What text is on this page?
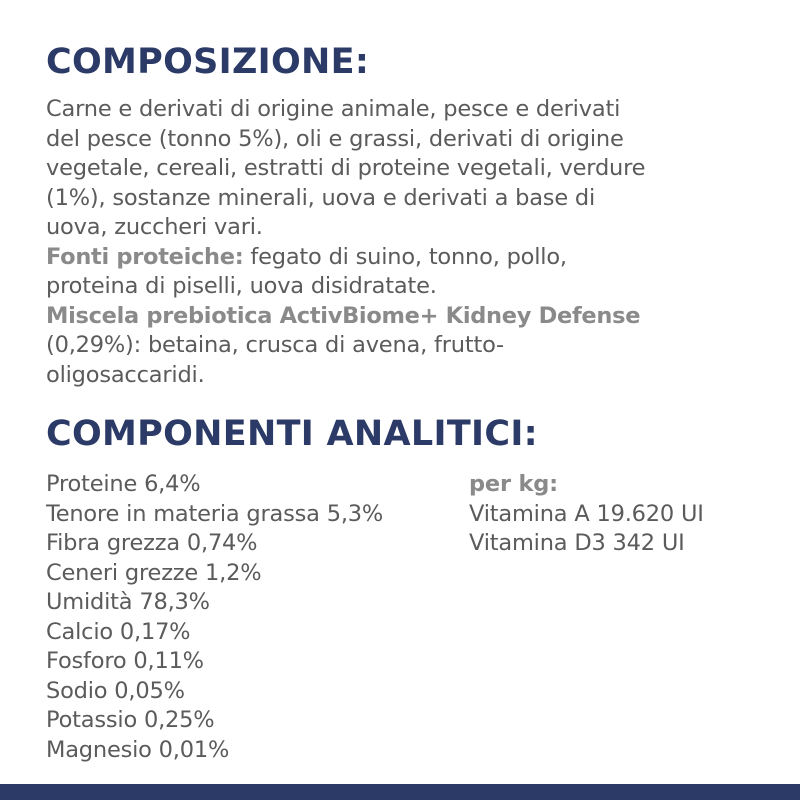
COMPOSIZIONE:
Carne e derivati di origine animale, pesce e derivati
del pesce (tonno 5%), oli e grassi, derivati di origine
vegetale, cereali, estratti di proteine vegetali, verdure
(1%), sostanze minerali, uova e derivati a base di
uova, zuccheri vari.
Fonti proteiche: fegato di suino, tonno, pollo,
proteina di piselli, uova disidratate.
Miscela prebiotica ActivBiome+ Kidney Defense
(0,29%): betaina, crusca di avena, frutto-
oligosaccaridi.
COMPONENTI ANALITICI:
Proteine 6,4%
Tenore in materia grassa 5,3%
Fibra grezza 0,74%
Ceneri grezze 1,2%
Umidità 78,3%
Calcio 0,17%
Fosforo 0,11%
Sodio 0,05%
Potassio 0,25%
Magnesio 0,01%
per kg:
Vitamina A 19.620 UI
Vitamina D3 342 UI
